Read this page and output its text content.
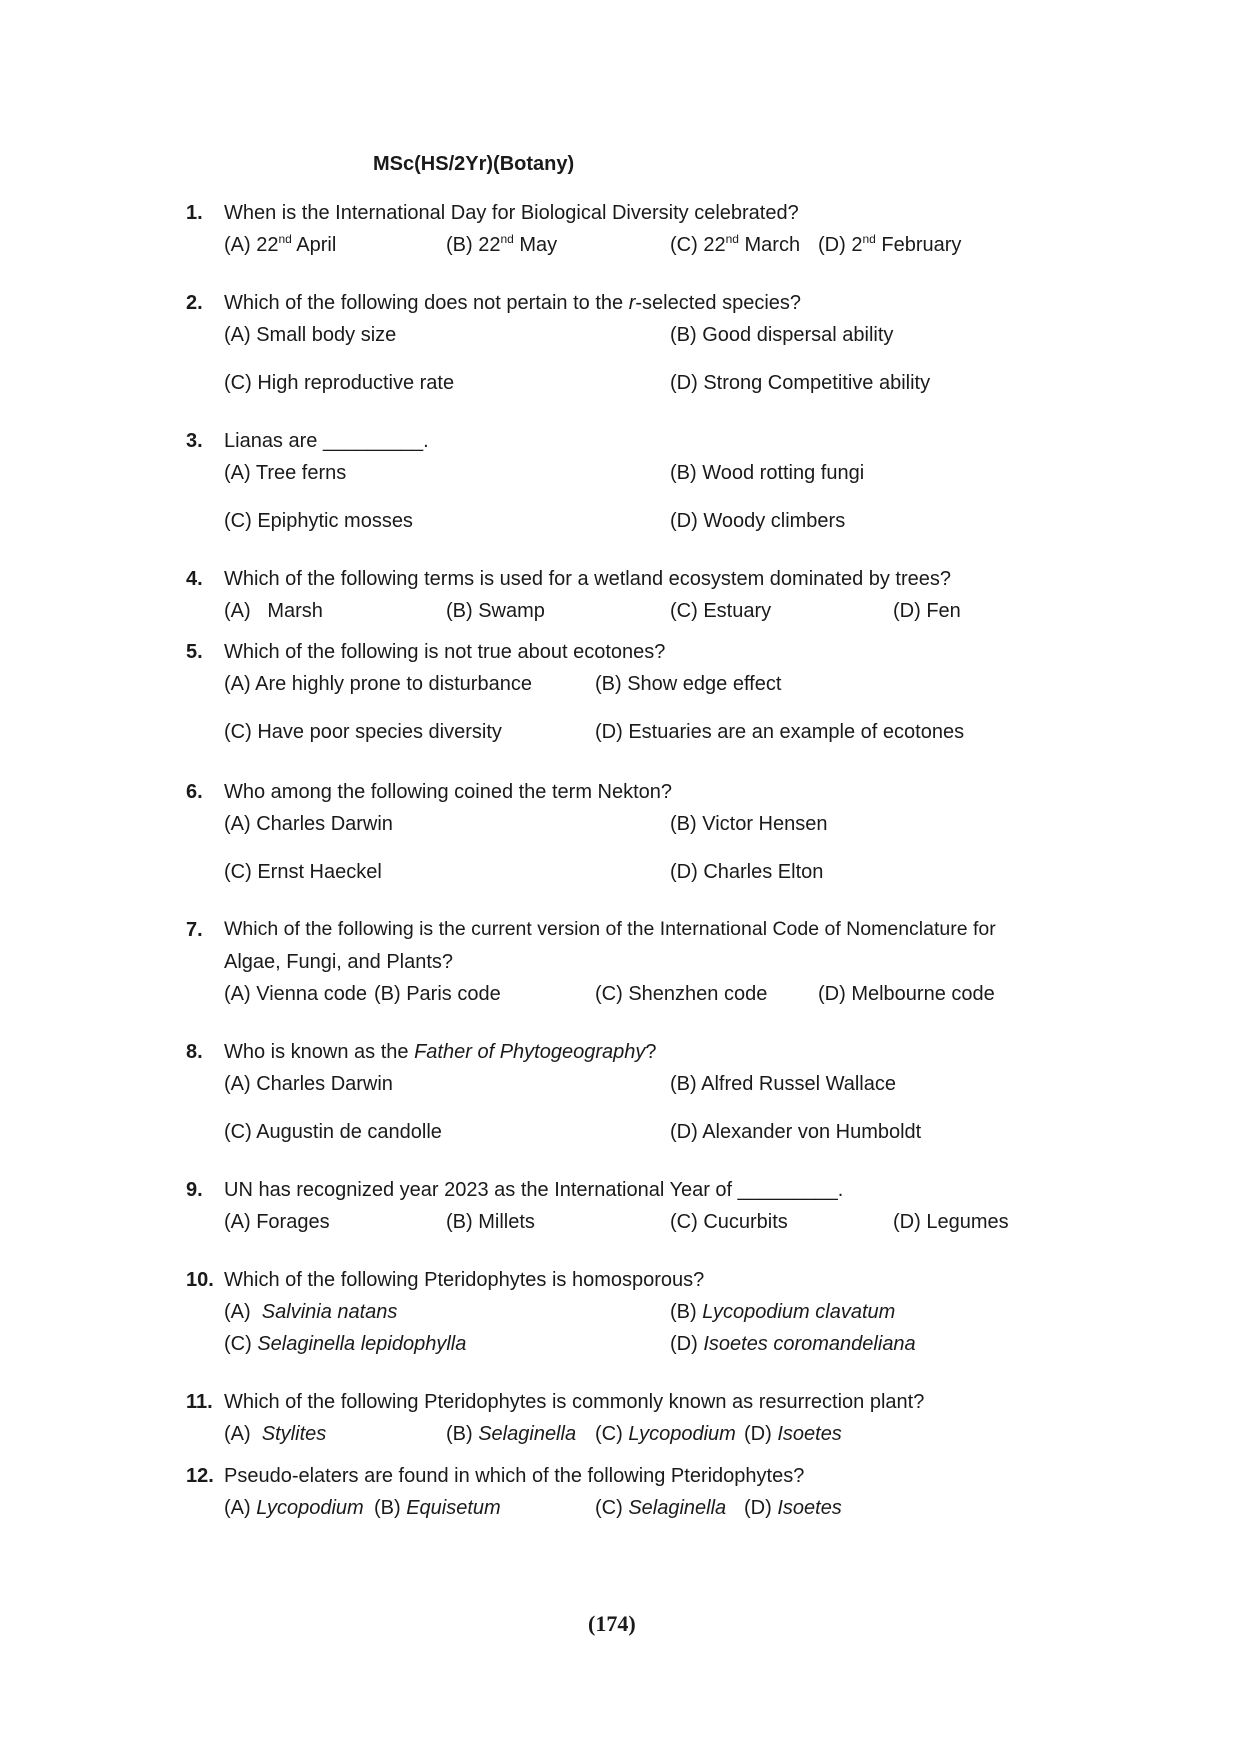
MSc(HS/2Yr)(Botany)
1. When is the International Day for Biological Diversity celebrated?
(A) 22nd April	(B) 22nd May	(C) 22nd March (D) 2nd February
2. Which of the following does not pertain to the r-selected species?
(A) Small body size	(B) Good dispersal ability
(C) High reproductive rate	(D) Strong Competitive ability
3. Lianas are _________.
(A) Tree ferns	(B) Wood rotting fungi
(C) Epiphytic mosses	(D) Woody climbers
4. Which of the following terms is used for a wetland ecosystem dominated by trees?
(A)   Marsh	(B) Swamp	(C) Estuary	(D) Fen
5. Which of the following is not true about ecotones?
(A) Are highly prone to disturbance	(B) Show edge effect
(C) Have poor species diversity	(D) Estuaries are an example of ecotones
6. Who among the following coined the term Nekton?
(A) Charles Darwin	(B) Victor Hensen
(C) Ernst Haeckel	(D) Charles Elton
7. Which of the following is the current version of the International Code of Nomenclature for
Algae, Fungi, and Plants?
(A) Vienna code (B) Paris code	(C) Shenzhen code	(D) Melbourne code
8. Who is known as the Father of Phytogeography?
(A) Charles Darwin	(B) Alfred Russel Wallace
(C) Augustin de candolle	(D) Alexander von Humboldt
9. UN has recognized year 2023 as the International Year of _________.
(A) Forages	(B) Millets	(C) Cucurbits	(D) Legumes
10. Which of the following Pteridophytes is homosporous?
(A)  Salvinia natans	(B) Lycopodium clavatum
(C) Selaginella lepidophylla	(D) Isoetes coromandeliana
11. Which of the following Pteridophytes is commonly known as resurrection plant?
(A)  Stylites	(B) Selaginella (C) Lycopodium (D) Isoetes
12. Pseudo-elaters are found in which of the following Pteridophytes?
(A) Lycopodium (B) Equisetum	(C) Selaginella (D) Isoetes
(174)
